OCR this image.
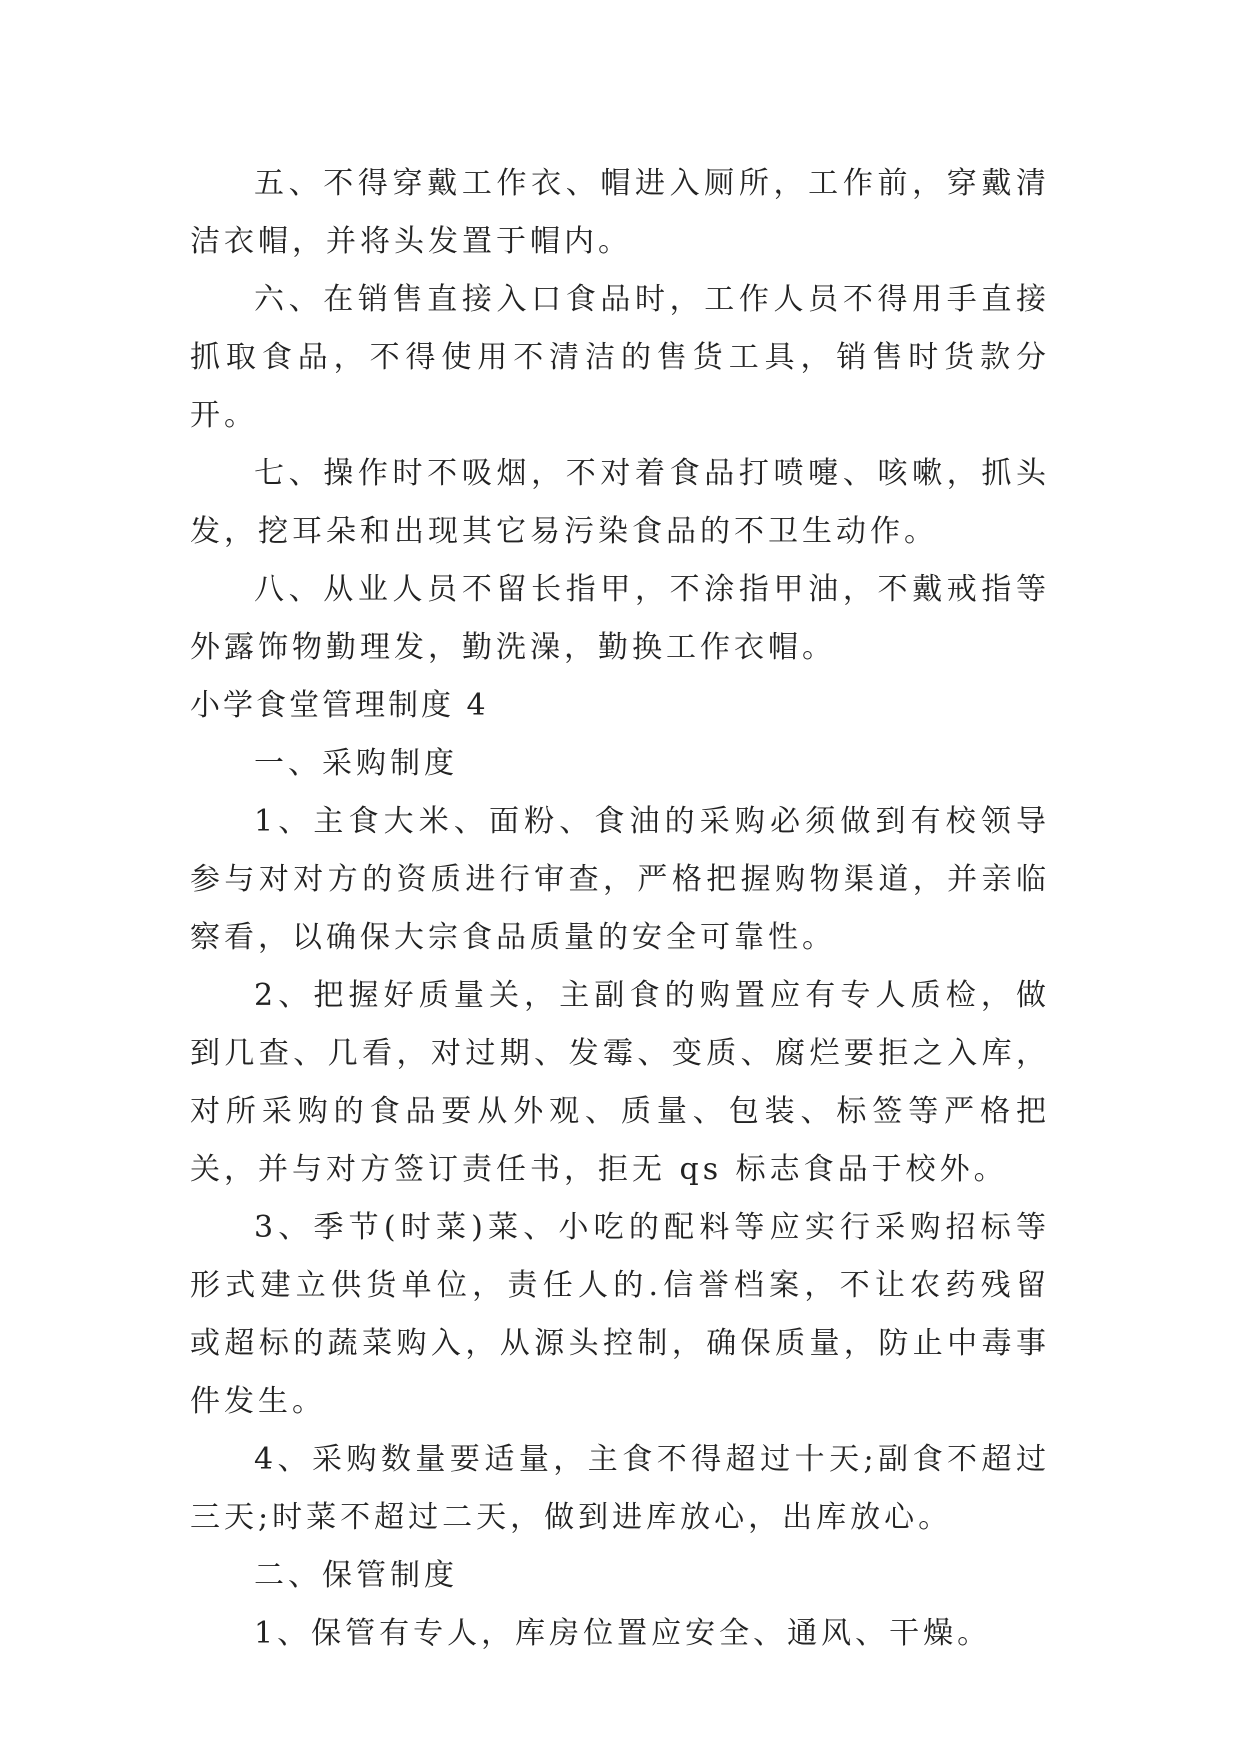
五、不得穿戴工作衣、帽进入厕所，工作前，穿戴清洁衣帽，并将头发置于帽内。

六、在销售直接入口食品时，工作人员不得用手直接抓取食品，不得使用不清洁的售货工具，销售时货款分开。

七、操作时不吸烟，不对着食品打喷嚏、咳嗽，抓头发，挖耳朵和出现其它易污染食品的不卫生动作。

八、从业人员不留长指甲，不涂指甲油，不戴戒指等外露饰物勤理发，勤洗澡，勤换工作衣帽。

小学食堂管理制度 4

一、采购制度

1、主食大米、面粉、食油的采购必须做到有校领导参与对对方的资质进行审查，严格把握购物渠道，并亲临察看，以确保大宗食品质量的安全可靠性。

2、把握好质量关，主副食的购置应有专人质检，做到几查、几看，对过期、发霉、变质、腐烂要拒之入库，对所采购的食品要从外观、质量、包装、标签等严格把关，并与对方签订责任书，拒无 qs 标志食品于校外。

3、季节(时菜)菜、小吃的配料等应实行采购招标等形式建立供货单位，责任人的.信誉档案，不让农药残留或超标的蔬菜购入，从源头控制，确保质量，防止中毒事件发生。

4、采购数量要适量，主食不得超过十天;副食不超过三天;时菜不超过二天，做到进库放心，出库放心。

二、保管制度

1、保管有专人，库房位置应安全、通风、干燥。
